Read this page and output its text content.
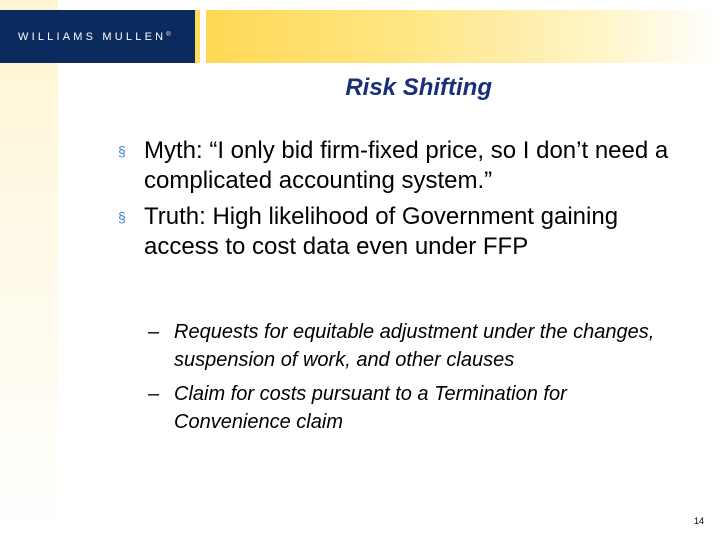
WILLIAMS MULLEN®
Risk Shifting
§ Myth: “I only bid firm-fixed price, so I don’t need a complicated accounting system.”
§ Truth: High likelihood of Government gaining access to cost data even under FFP
– Requests for equitable adjustment under the changes, suspension of work, and other clauses
– Claim for costs pursuant to a Termination for Convenience claim
14
